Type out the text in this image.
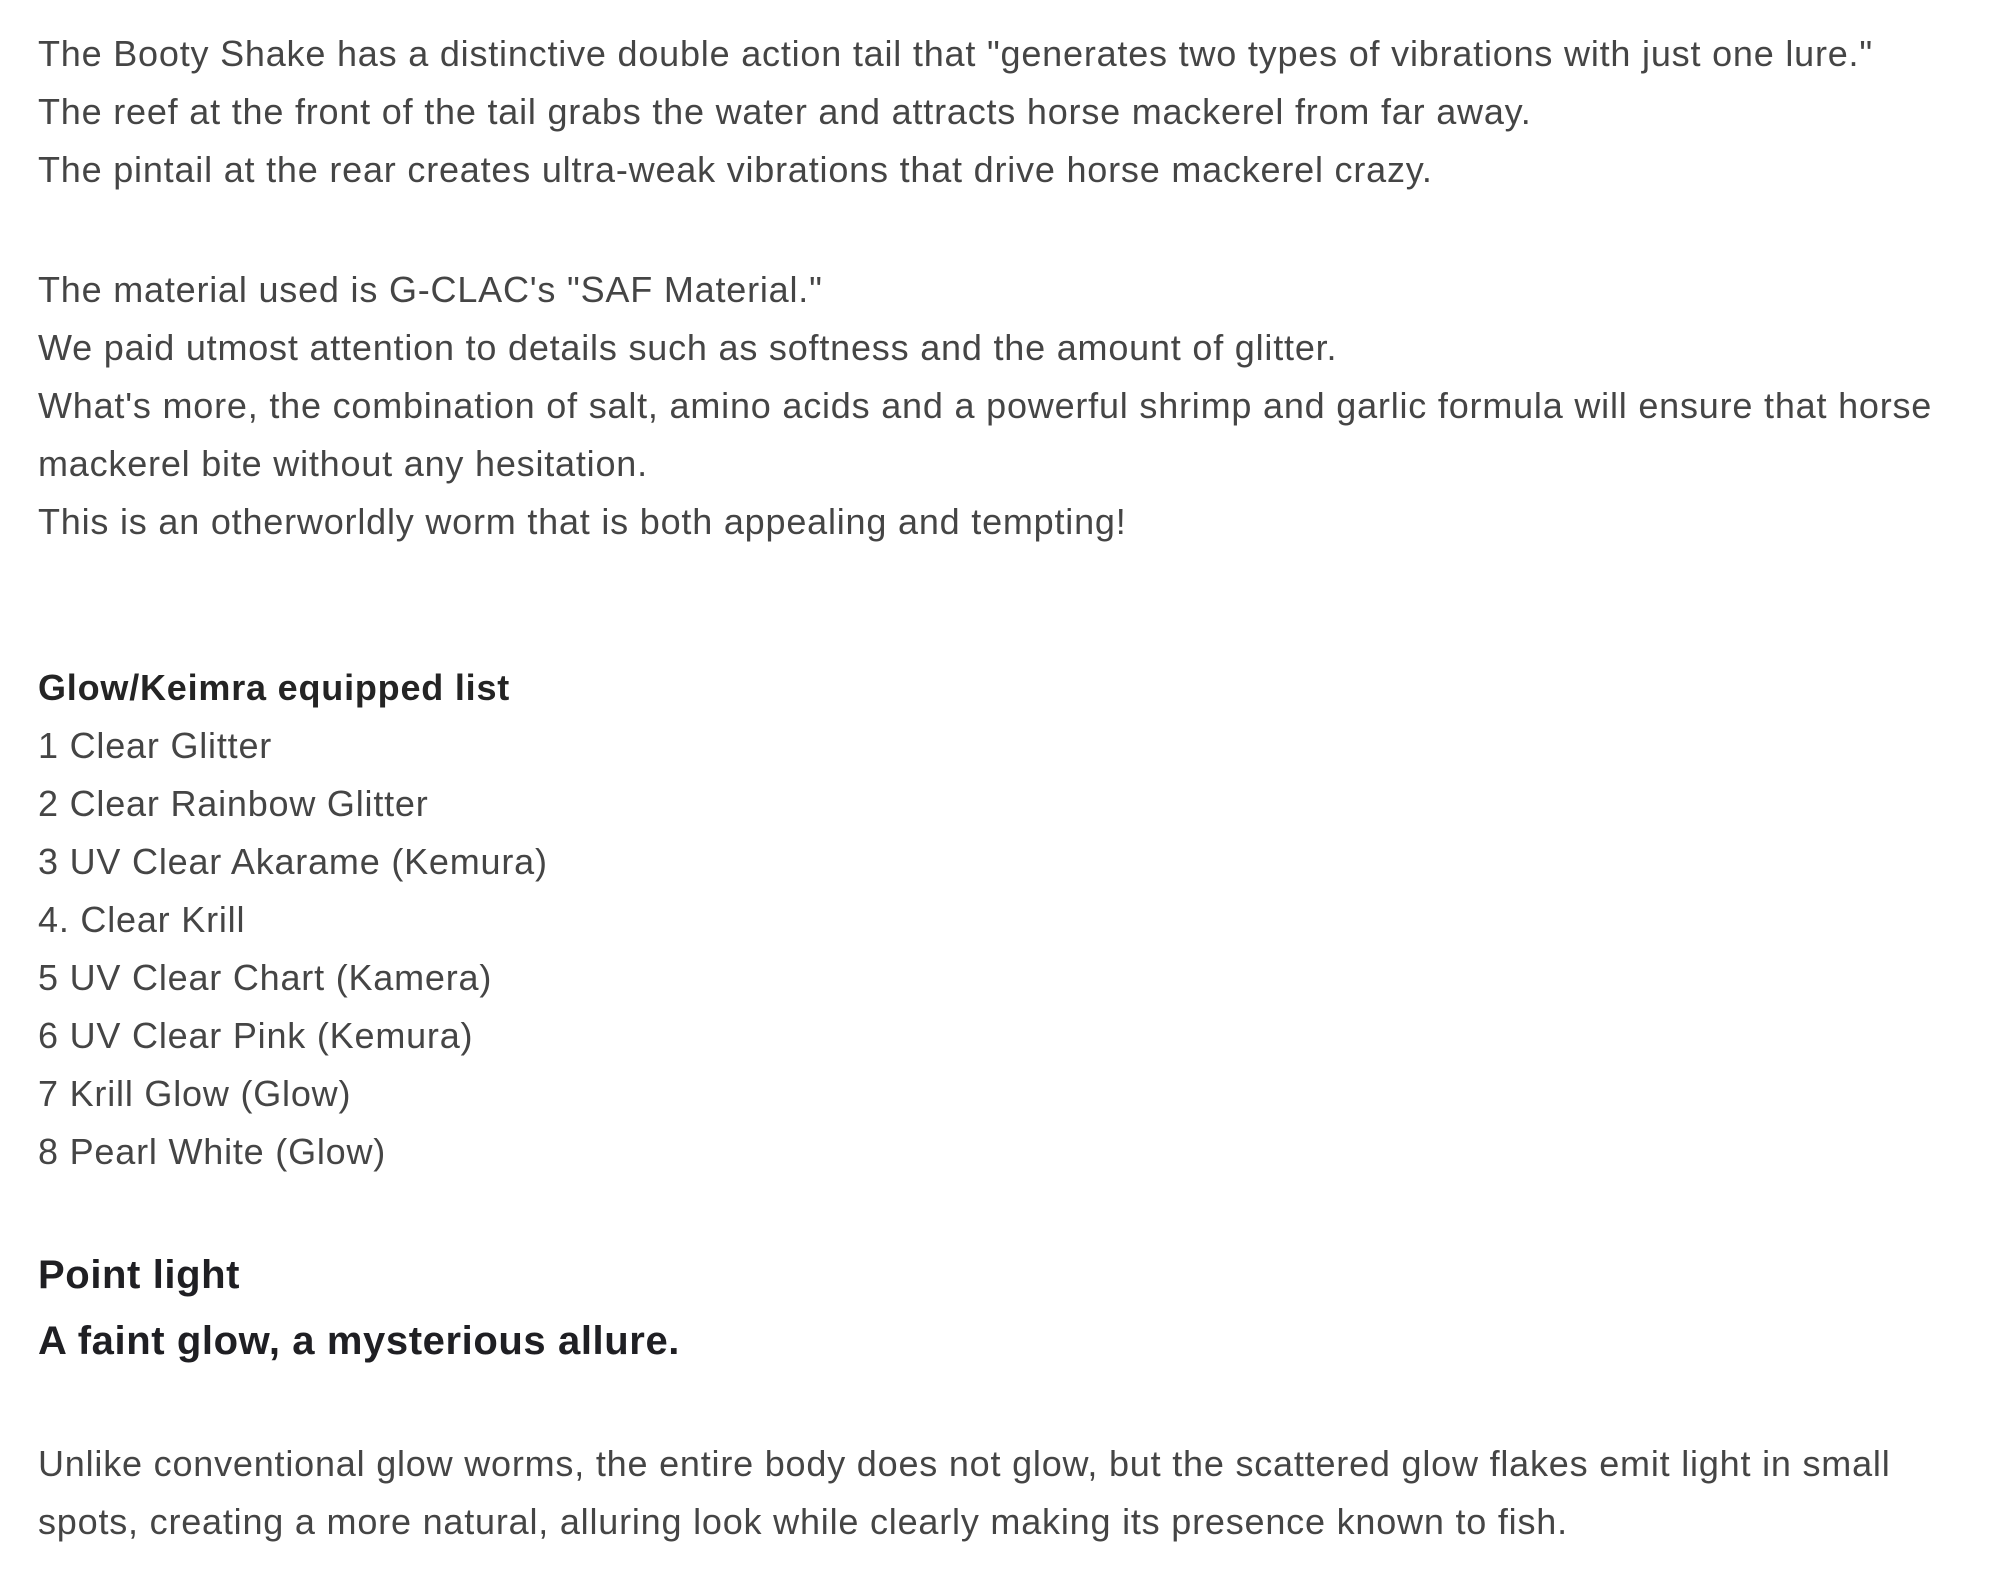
The Booty Shake has a distinctive double action tail that "generates two types of vibrations with just one lure."
The reef at the front of the tail grabs the water and attracts horse mackerel from far away.
The pintail at the rear creates ultra-weak vibrations that drive horse mackerel crazy.
The material used is G-CLAC's "SAF Material."
We paid utmost attention to details such as softness and the amount of glitter.
What's more, the combination of salt, amino acids and a powerful shrimp and garlic formula will ensure that horse mackerel bite without any hesitation.
This is an otherworldly worm that is both appealing and tempting!
Glow/Keimra equipped list
1 Clear Glitter
2 Clear Rainbow Glitter
3 UV Clear Akarame (Kemura)
4. Clear Krill
5 UV Clear Chart (Kamera)
6 UV Clear Pink (Kemura)
7 Krill Glow (Glow)
8 Pearl White (Glow)
Point light
A faint glow, a mysterious allure.
Unlike conventional glow worms, the entire body does not glow, but the scattered glow flakes emit light in small spots, creating a more natural, alluring look while clearly making its presence known to fish.
